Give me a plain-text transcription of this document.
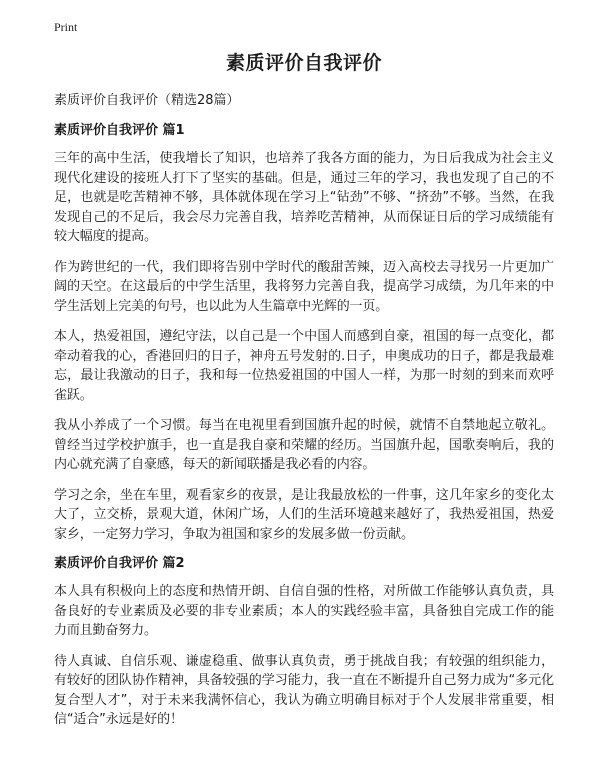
Print
素质评价自我评价
素质评价自我评价（精选28篇）
素质评价自我评价 篇1

三年的高中生活，使我增长了知识，也培养了我各方面的能力，为日后我成为社会主义现代化建设的接班人打下了坚实的基础。但是，通过三年的学习，我也发现了自己的不足，也就是吃苦精神不够，具体就体现在学习上“钻劲”不够、“挤劲”不够。当然，在我发现自己的不足后，我会尽力完善自我，培养吃苦精神，从而保证日后的学习成绩能有较大幅度的提高。

作为跨世纪的一代，我们即将告别中学时代的酸甜苦辣，迈入高校去寻找另一片更加广阔的天空。在这最后的中学生活里，我将努力完善自我，提高学习成绩，为几年来的中学生活划上完美的句号，也以此为人生篇章中光辉的一页。

本人，热爱祖国，遵纪守法，以自己是一个中国人而感到自豪，祖国的每一点变化，都牵动着我的心，香港回归的日子，神舟五号发射的.日子，申奥成功的日子，都是我最难忘，最让我激动的日子，我和每一位热爱祖国的中国人一样，为那一时刻的到来而欢呼雀跃。

我从小养成了一个习惯。每当在电视里看到国旗升起的时候，就情不自禁地起立敬礼。曾经当过学校护旗手，也一直是我自豪和荣耀的经历。当国旗升起，国歌奏响后，我的内心就充满了自豪感，每天的新闻联播是我必看的内容。

学习之余，坐在车里，观看家乡的夜景，是让我最放松的一件事，这几年家乡的变化太大了，立交桥，景观大道，休闲广场，人们的生活环境越来越好了，我热爱祖国，热爱家乡，一定努力学习，争取为祖国和家乡的发展多做一份贡献。

素质评价自我评价 篇2

本人具有积极向上的态度和热情开朗、自信自强的性格，对所做工作能够认真负责，具备良好的专业素质及必要的非专业素质；本人的实践经验丰富，具备独自完成工作的能力而且勤奋努力。

待人真诚、自信乐观、谦虚稳重、做事认真负责，勇于挑战自我；有较强的组织能力，有较好的团队协作精神，具备较强的学习能力，我一直在不断提升自己努力成为“多元化复合型人才”，对于未来我满怀信心，我认为确立明确目标对于个人发展非常重要，相信“适合”永远是好的！
